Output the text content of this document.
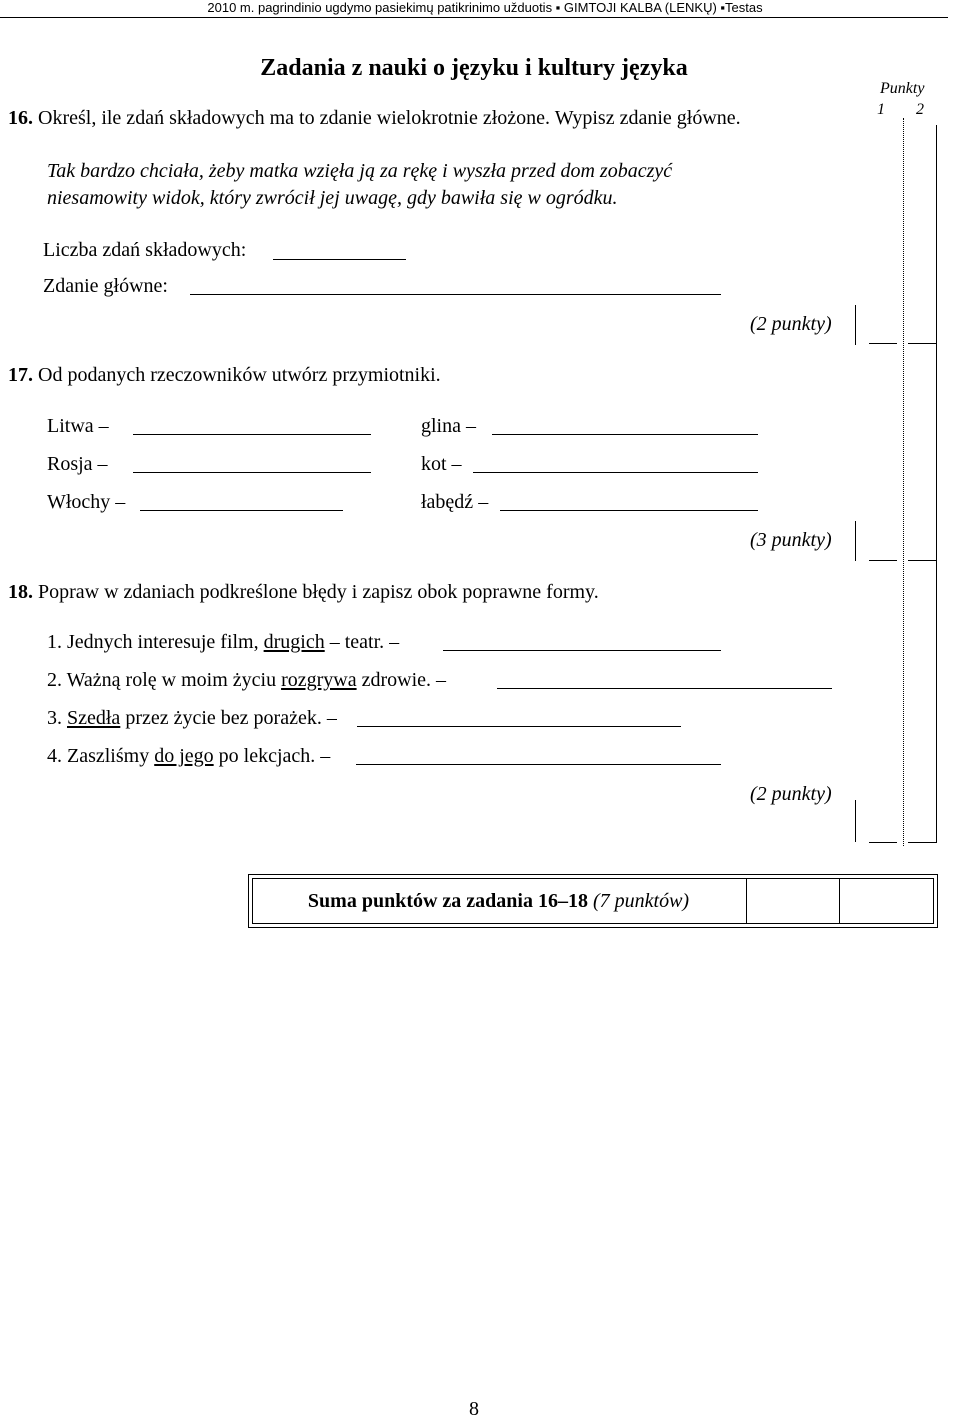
2010 m. pagrindinio ugdymo pasiekimų patikrinimo užduotis ▪ GIMTOJI KALBA (LENKŲ) ▪Testas
Zadania z nauki o języku i kultury języka
Punkty
1 2
16. Określ, ile zdań składowych ma to zdanie wielokrotnie złożone. Wypisz zdanie główne.
Tak bardzo chciała, żeby matka wzięła ją za rękę i wyszła przed dom zobaczyć
niesamowity widok, który zwrócił jej uwagę, gdy bawiła się w ogródku.
Liczba zdań składowych:
Zdanie główne:
(2 punkty)
17. Od podanych rzeczowników utwórz przymiotniki.
Litwa –
Rosja –
Włochy –
glina –
kot –
łabędź –
(3 punkty)
18. Popraw w zdaniach podkreślone błędy i zapisz obok poprawne formy.
1. Jednych interesuje film, drugich – teatr. –
2. Ważną rolę w moim życiu rozgrywa zdrowie. –
3. Szedła przez życie bez porażek. –
4. Zaszliśmy do jego po lekcjach. –
(2 punkty)
Suma punktów za zadania 16–18 (7 punktów)
8
